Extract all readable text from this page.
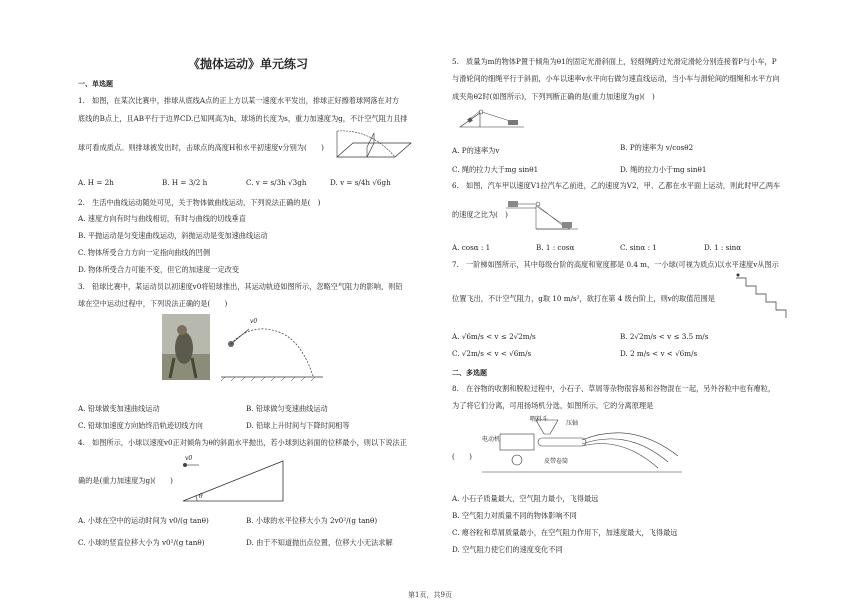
《抛体运动》单元练习
一、单选题
1.　如图，在某次比赛中，排球从底线A点的正上方以某一速度水平发出，排球正好擦着球网落在对方
底线的B点上，且AB平行于边界CD.已知网高为h，球场的长度为s，重力加速度为g，不计空气阻力且排
球可看成质点。则排球被发出时，击球点的高度H和水平初速度v分别为(　　)
A. H = 2h	B. H = 3/2 h	C. v = s/3h √3gh	D. v = s/4h √6gh
2.　生活中曲线运动随处可见，关于物体做曲线运动，下列说法正确的是(　)
A. 速度方向有时与曲线相切，有时与曲线的切线垂直
B. 平抛运动是匀变速曲线运动，斜抛运动是变加速曲线运动
C. 物体所受合力方向一定指向曲线的凹侧
D. 物体所受合力可能不变，但它的加速度一定改变
3.　铅球比赛中，某运动员以初速度v0将铅球推出，其运动轨迹如图所示，忽略空气阻力的影响，则铅
球在空中运动过程中，下列说法正确的是(　　)
v0
A. 铅球做变加速曲线运动	B. 铅球做匀变速曲线运动
C. 铅球加速度方向始终沿轨迹切线方向	D. 铅球上升时间与下降时间相等
4.　如图所示，小球以速度v0正对倾角为θ的斜面水平抛出，若小球到达斜面的位移最小，则以下说法正
v0
θ
确的是(重力加速度为g)(　　)
A. 小球在空中的运动时间为 v0/(g tanθ)	B. 小球的水平位移大小为 2v0²/(g tanθ)
C. 小球的竖直位移大小为 v0²/(g tanθ)	D. 由于不知道抛出点位置，位移大小无法求解
5.　质量为m的物体P置于倾角为θ1的固定光滑斜面上，轻细绳跨过光滑定滑轮分别连接着P与小车，P
与滑轮间的细绳平行于斜面，小车以速率v水平向右做匀速直线运动，当小车与滑轮间的细绳和水平方向
成夹角θ2时(如图所示)，下列判断正确的是(重力加速度为g)(　)
A. P的速率为v	B. P的速率为 v/cosθ2
C. 绳的拉力大于mg sinθ1	D. 绳的拉力小于mg sinθ1
6.　如图，汽车甲以速度V1拉汽车乙前进，乙的速度为V2，甲、乙都在水平面上运动，则此时甲乙两车
的速度之比为(　)
A. cosα : 1	B. 1 : cosα	C. sinα : 1	D. 1 : sinα
7.　一阶梯如图所示，其中每级台阶的高度和宽度都是 0.4 m，一小球(可视为质点)以水平速度v从图示
位置飞出，不计空气阻力，g取 10 m/s²，欲打在第 4 级台阶上，则v的取值范围是
A. √6m/s < v ≤ 2√2m/s	B. 2√2m/s < v ≤ 3.5 m/s
C. √2m/s < v < √6m/s	D. 2 m/s < v < √6m/s
二、多选题
8.　在谷物的收割和脱粒过程中，小石子、草屑等杂物很容易和谷物混在一起，另外谷粒中也有瘪粒，
为了将它们分离，可用扬场机分选，如图所示，它的分离原理是
喂料斗
压轴
电动机
皮带卷筒
(　　)
A. 小石子质量最大，空气阻力最小，飞得最远
B. 空气阻力对质量不同的物体影响不同
C. 瘪谷粒和草屑质量最小，在空气阻力作用下，加速度最大，飞得最远
D. 空气阻力使它们的速度变化不同
第1页，共9页
